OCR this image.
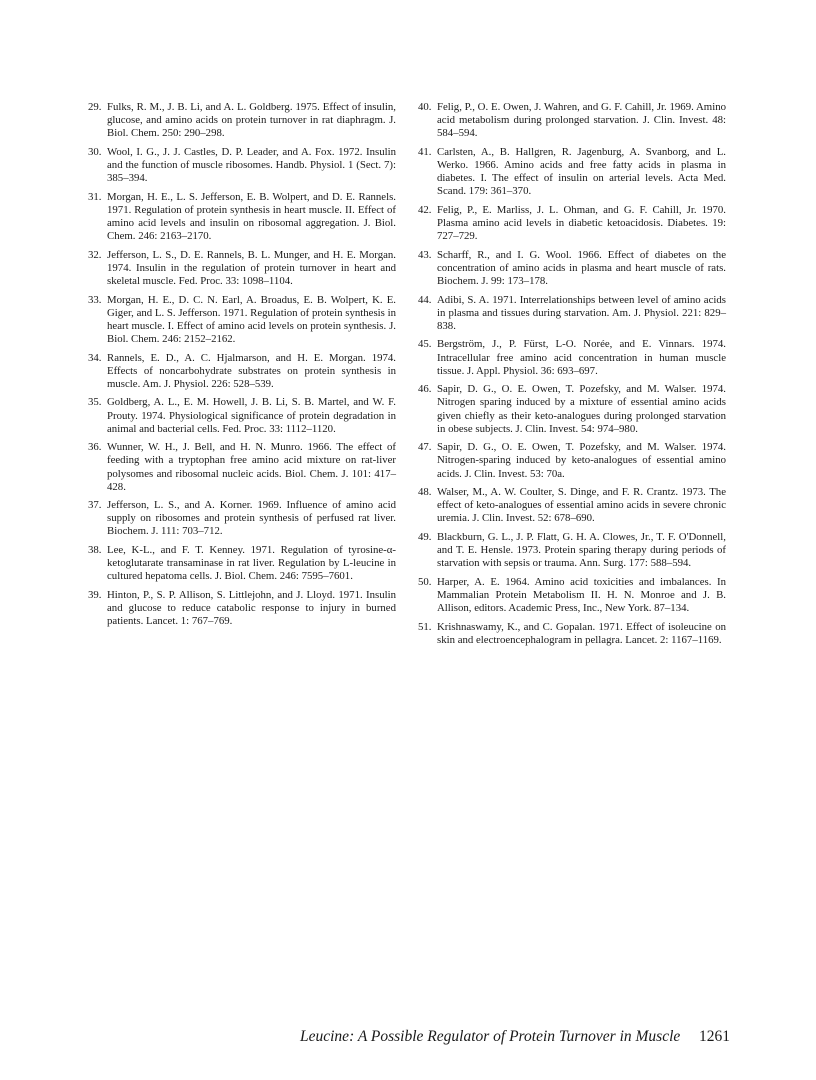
29. Fulks, R. M., J. B. Li, and A. L. Goldberg. 1975. Effect of insulin, glucose, and amino acids on protein turnover in rat diaphragm. J. Biol. Chem. 250: 290–298.
30. Wool, I. G., J. J. Castles, D. P. Leader, and A. Fox. 1972. Insulin and the function of muscle ribosomes. Handb. Physiol. 1 (Sect. 7): 385–394.
31. Morgan, H. E., L. S. Jefferson, E. B. Wolpert, and D. E. Rannels. 1971. Regulation of protein synthesis in heart muscle. II. Effect of amino acid levels and insulin on ribosomal aggregation. J. Biol. Chem. 246: 2163–2170.
32. Jefferson, L. S., D. E. Rannels, B. L. Munger, and H. E. Morgan. 1974. Insulin in the regulation of protein turnover in heart and skeletal muscle. Fed. Proc. 33: 1098–1104.
33. Morgan, H. E., D. C. N. Earl, A. Broadus, E. B. Wolpert, K. E. Giger, and L. S. Jefferson. 1971. Regulation of protein synthesis in heart muscle. I. Effect of amino acid levels on protein synthesis. J. Biol. Chem. 246: 2152–2162.
34. Rannels, E. D., A. C. Hjalmarson, and H. E. Morgan. 1974. Effects of noncarbohydrate substrates on protein synthesis in muscle. Am. J. Physiol. 226: 528–539.
35. Goldberg, A. L., E. M. Howell, J. B. Li, S. B. Martel, and W. F. Prouty. 1974. Physiological significance of protein degradation in animal and bacterial cells. Fed. Proc. 33: 1112–1120.
36. Wunner, W. H., J. Bell, and H. N. Munro. 1966. The effect of feeding with a tryptophan free amino acid mixture on rat-liver polysomes and ribosomal nucleic acids. Biol. Chem. J. 101: 417–428.
37. Jefferson, L. S., and A. Korner. 1969. Influence of amino acid supply on ribosomes and protein synthesis of perfused rat liver. Biochem. J. 111: 703–712.
38. Lee, K-L., and F. T. Kenney. 1971. Regulation of tyrosine-α-ketoglutarate transaminase in rat liver. Regulation by L-leucine in cultured hepatoma cells. J. Biol. Chem. 246: 7595–7601.
39. Hinton, P., S. P. Allison, S. Littlejohn, and J. Lloyd. 1971. Insulin and glucose to reduce catabolic response to injury in burned patients. Lancet. 1: 767–769.
40. Felig, P., O. E. Owen, J. Wahren, and G. F. Cahill, Jr. 1969. Amino acid metabolism during prolonged starvation. J. Clin. Invest. 48: 584–594.
41. Carlsten, A., B. Hallgren, R. Jagenburg, A. Svanborg, and L. Werko. 1966. Amino acids and free fatty acids in plasma in diabetes. I. The effect of insulin on arterial levels. Acta Med. Scand. 179: 361–370.
42. Felig, P., E. Marliss, J. L. Ohman, and G. F. Cahill, Jr. 1970. Plasma amino acid levels in diabetic ketoacidosis. Diabetes. 19: 727–729.
43. Scharff, R., and I. G. Wool. 1966. Effect of diabetes on the concentration of amino acids in plasma and heart muscle of rats. Biochem. J. 99: 173–178.
44. Adibi, S. A. 1971. Interrelationships between level of amino acids in plasma and tissues during starvation. Am. J. Physiol. 221: 829–838.
45. Bergström, J., P. Fürst, L-O. Norée, and E. Vinnars. 1974. Intracellular free amino acid concentration in human muscle tissue. J. Appl. Physiol. 36: 693–697.
46. Sapir, D. G., O. E. Owen, T. Pozefsky, and M. Walser. 1974. Nitrogen sparing induced by a mixture of essential amino acids given chiefly as their keto-analogues during prolonged starvation in obese subjects. J. Clin. Invest. 54: 974–980.
47. Sapir, D. G., O. E. Owen, T. Pozefsky, and M. Walser. 1974. Nitrogen-sparing induced by keto-analogues of essential amino acids. J. Clin. Invest. 53: 70a.
48. Walser, M., A. W. Coulter, S. Dinge, and F. R. Crantz. 1973. The effect of keto-analogues of essential amino acids in severe chronic uremia. J. Clin. Invest. 52: 678–690.
49. Blackburn, G. L., J. P. Flatt, G. H. A. Clowes, Jr., T. F. O'Donnell, and T. E. Hensle. 1973. Protein sparing therapy during periods of starvation with sepsis or trauma. Ann. Surg. 177: 588–594.
50. Harper, A. E. 1964. Amino acid toxicities and imbalances. In Mammalian Protein Metabolism II. H. N. Monroe and J. B. Allison, editors. Academic Press, Inc., New York. 87–134.
51. Krishnaswamy, K., and C. Gopalan. 1971. Effect of isoleucine on skin and electroencephalogram in pellagra. Lancet. 2: 1167–1169.
Leucine: A Possible Regulator of Protein Turnover in Muscle 1261
